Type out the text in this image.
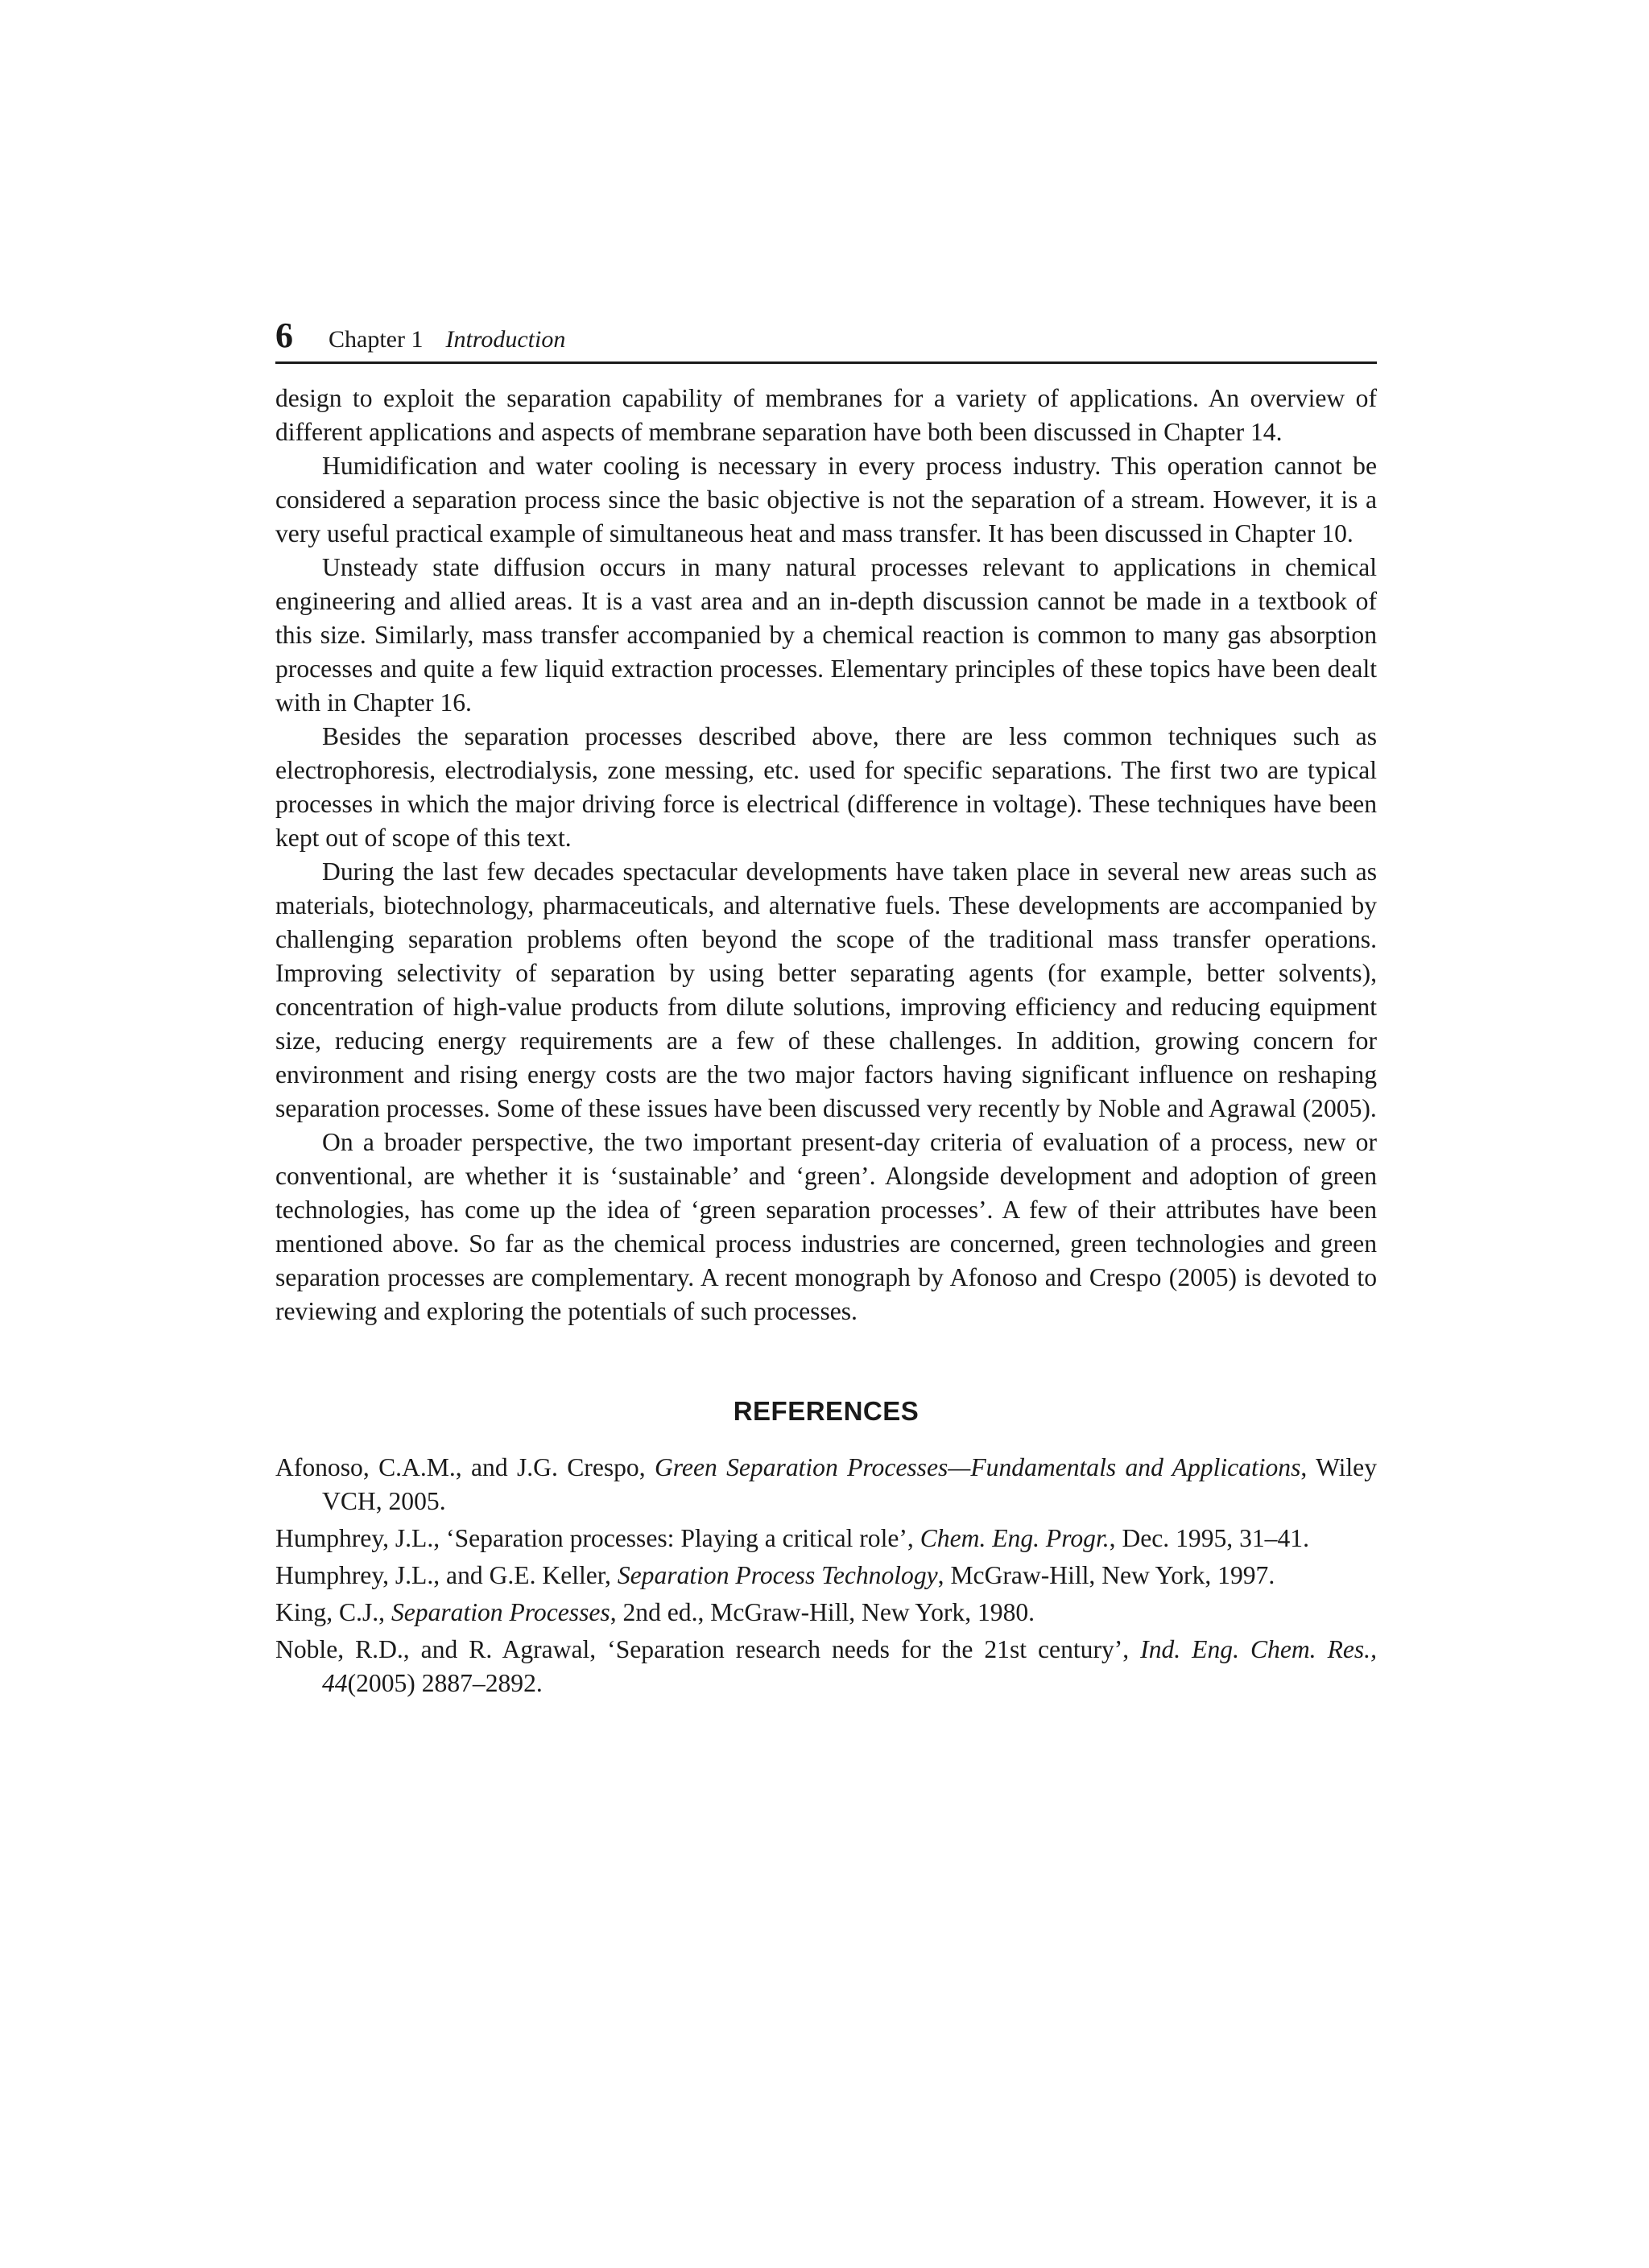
6 Chapter 1 Introduction

design to exploit the separation capability of membranes for a variety of applications. An overview of different applications and aspects of membrane separation have both been discussed in Chapter 14.

Humidification and water cooling is necessary in every process industry. This operation cannot be considered a separation process since the basic objective is not the separation of a stream. However, it is a very useful practical example of simultaneous heat and mass transfer. It has been discussed in Chapter 10.

Unsteady state diffusion occurs in many natural processes relevant to applications in chemical engineering and allied areas. It is a vast area and an in-depth discussion cannot be made in a textbook of this size. Similarly, mass transfer accompanied by a chemical reaction is common to many gas absorption processes and quite a few liquid extraction processes. Elementary principles of these topics have been dealt with in Chapter 16.

Besides the separation processes described above, there are less common techniques such as electrophoresis, electrodialysis, zone messing, etc. used for specific separations. The first two are typical processes in which the major driving force is electrical (difference in voltage). These techniques have been kept out of scope of this text.

During the last few decades spectacular developments have taken place in several new areas such as materials, biotechnology, pharmaceuticals, and alternative fuels. These developments are accompanied by challenging separation problems often beyond the scope of the traditional mass transfer operations. Improving selectivity of separation by using better separating agents (for example, better solvents), concentration of high-value products from dilute solutions, improving efficiency and reducing equipment size, reducing energy requirements are a few of these challenges. In addition, growing concern for environment and rising energy costs are the two major factors having significant influence on reshaping separation processes. Some of these issues have been discussed very recently by Noble and Agrawal (2005).

On a broader perspective, the two important present-day criteria of evaluation of a process, new or conventional, are whether it is ‘sustainable’ and ‘green’. Alongside development and adoption of green technologies, has come up the idea of ‘green separation processes’. A few of their attributes have been mentioned above. So far as the chemical process industries are concerned, green technologies and green separation processes are complementary. A recent monograph by Afonoso and Crespo (2005) is devoted to reviewing and exploring the potentials of such processes.

REFERENCES

Afonoso, C.A.M., and J.G. Crespo, Green Separation Processes—Fundamentals and Applications, Wiley VCH, 2005.

Humphrey, J.L., ‘Separation processes: Playing a critical role’, Chem. Eng. Progr., Dec. 1995, 31–41.

Humphrey, J.L., and G.E. Keller, Separation Process Technology, McGraw-Hill, New York, 1997.

King, C.J., Separation Processes, 2nd ed., McGraw-Hill, New York, 1980.

Noble, R.D., and R. Agrawal, ‘Separation research needs for the 21st century’, Ind. Eng. Chem. Res., 44(2005) 2887–2892.
